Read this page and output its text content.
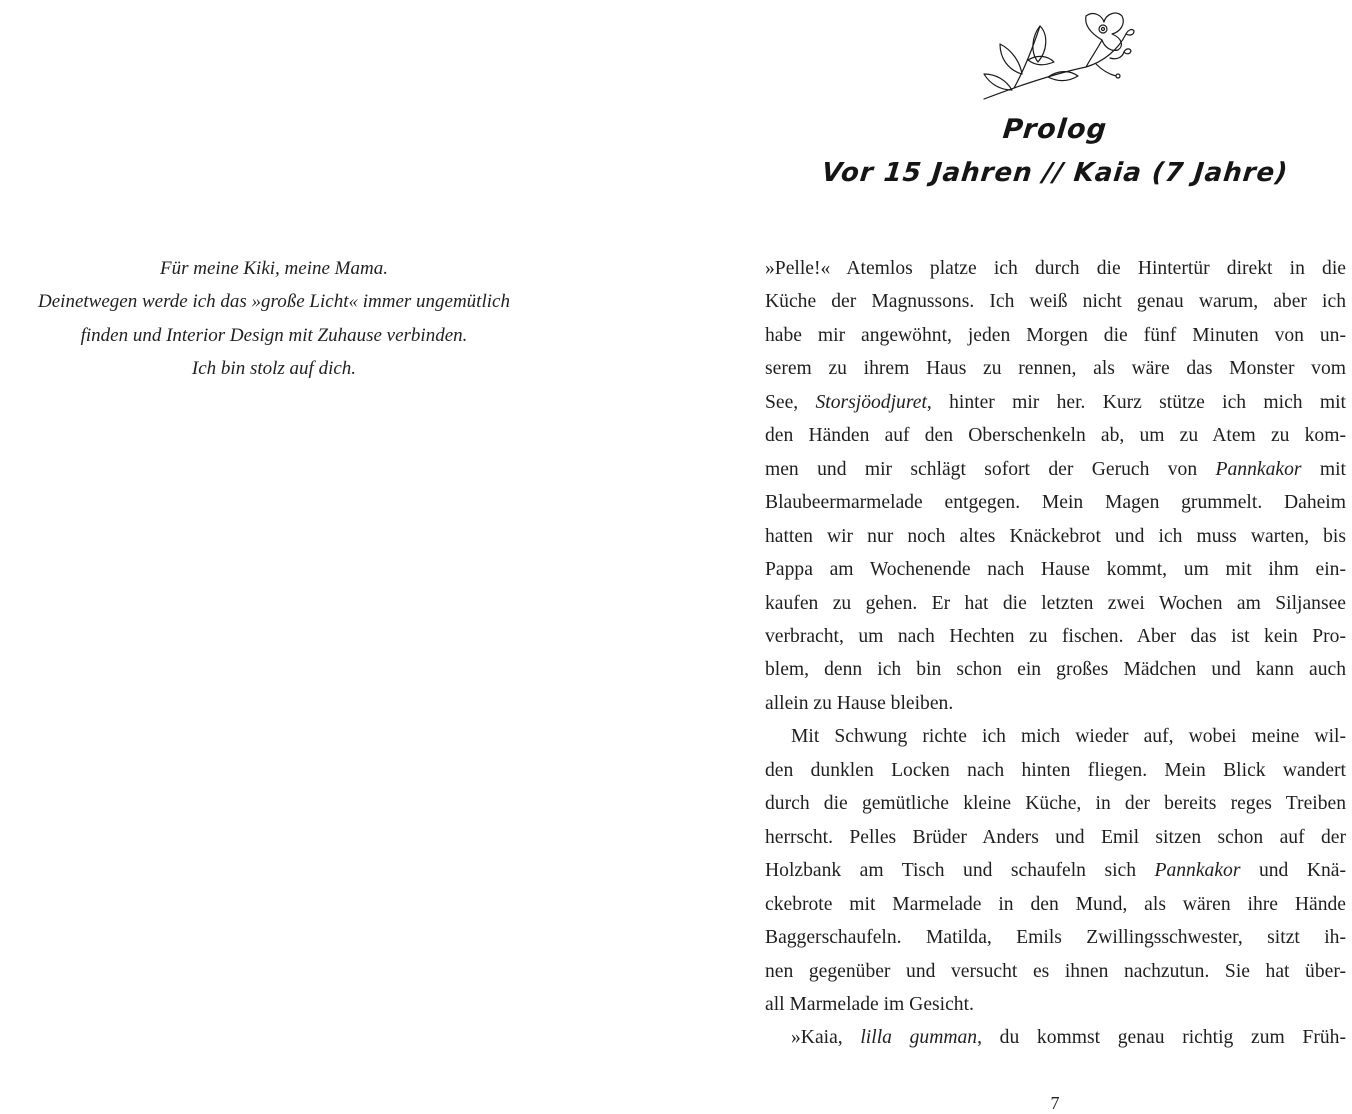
Für meine Kiki, meine Mama.
Deinetwegen werde ich das »große Licht« immer ungemütlich
finden und Interior Design mit Zuhause verbinden.
Ich bin stolz auf dich.
Prolog
Vor 15 Jahren // Kaia (7 Jahre)
»Pelle!« Atemlos platze ich durch die Hintertür direkt in die
Küche der Magnussons. Ich weiß nicht genau warum, aber ich
habe mir angewöhnt, jeden Morgen die fünf Minuten von un-
serem zu ihrem Haus zu rennen, als wäre das Monster vom
See, Storsjöodjuret, hinter mir her. Kurz stütze ich mich mit
den Händen auf den Oberschenkeln ab, um zu Atem zu kom-
men und mir schlägt sofort der Geruch von Pannkakor mit
Blaubeermarmelade entgegen. Mein Magen grummelt. Daheim
hatten wir nur noch altes Knäckebrot und ich muss warten, bis
Pappa am Wochenende nach Hause kommt, um mit ihm ein-
kaufen zu gehen. Er hat die letzten zwei Wochen am Siljansee
verbracht, um nach Hechten zu fischen. Aber das ist kein Pro-
blem, denn ich bin schon ein großes Mädchen und kann auch
allein zu Hause bleiben.
Mit Schwung richte ich mich wieder auf, wobei meine wil-
den dunklen Locken nach hinten fliegen. Mein Blick wandert
durch die gemütliche kleine Küche, in der bereits reges Treiben
herrscht. Pelles Brüder Anders und Emil sitzen schon auf der
Holzbank am Tisch und schaufeln sich Pannkakor und Knä-
ckebrote mit Marmelade in den Mund, als wären ihre Hände
Baggerschaufeln. Matilda, Emils Zwillingsschwester, sitzt ih-
nen gegenüber und versucht es ihnen nachzutun. Sie hat über-
all Marmelade im Gesicht.
»Kaia, lilla gumman, du kommst genau richtig zum Früh-
7
